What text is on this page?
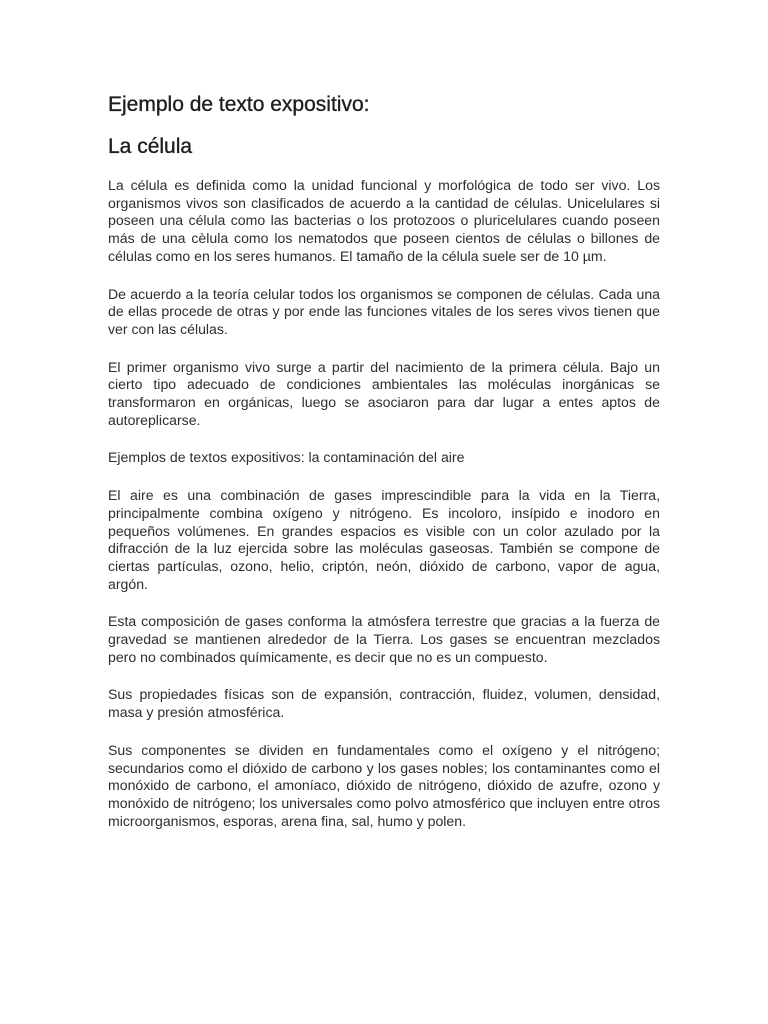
Ejemplo de texto expositivo:
La célula

La célula es definida como la unidad funcional y morfológica de todo ser vivo. Los organismos vivos son clasificados de acuerdo a la cantidad de células. Unicelulares si poseen una célula como las bacterias o los protozoos o pluricelulares cuando poseen más de una cèlula como los nematodos que poseen cientos de células o billones de células como en los seres humanos. El tamaño de la célula suele ser de 10 µm.

De acuerdo a la teoría celular todos los organismos se componen de células. Cada una de ellas procede de otras y por ende las funciones vitales de los seres vivos tienen que ver con las células.

El primer organismo vivo surge a partir del nacimiento de la primera célula. Bajo un cierto tipo adecuado de condiciones ambientales las moléculas inorgánicas se transformaron en orgánicas, luego se asociaron para dar lugar a entes aptos de autoreplicarse.

Ejemplos de textos expositivos: la contaminación del aire

El aire es una combinación de gases imprescindible para la vida en la Tierra, principalmente combina oxígeno y nitrógeno. Es incoloro, insípido e inodoro en pequeños volúmenes. En grandes espacios es visible con un color azulado por la difracción de la luz ejercida sobre las moléculas gaseosas. También se compone de ciertas partículas, ozono, helio, criptón, neón, dióxido de carbono, vapor de agua, argón.

Esta composición de gases conforma la atmósfera terrestre que gracias a la fuerza de gravedad se mantienen alrededor de la Tierra. Los gases se encuentran mezclados pero no combinados químicamente, es decir que no es un compuesto.

Sus propiedades físicas son de expansión, contracción, fluidez, volumen, densidad, masa y presión atmosférica.

Sus componentes se dividen en fundamentales como el oxígeno y el nitrógeno; secundarios como el dióxido de carbono y los gases nobles; los contaminantes como el monóxido de carbono, el amoníaco, dióxido de nitrógeno, dióxido de azufre, ozono y monóxido de nitrógeno; los universales como polvo atmosférico que incluyen entre otros microorganismos, esporas, arena fina, sal, humo y polen.
